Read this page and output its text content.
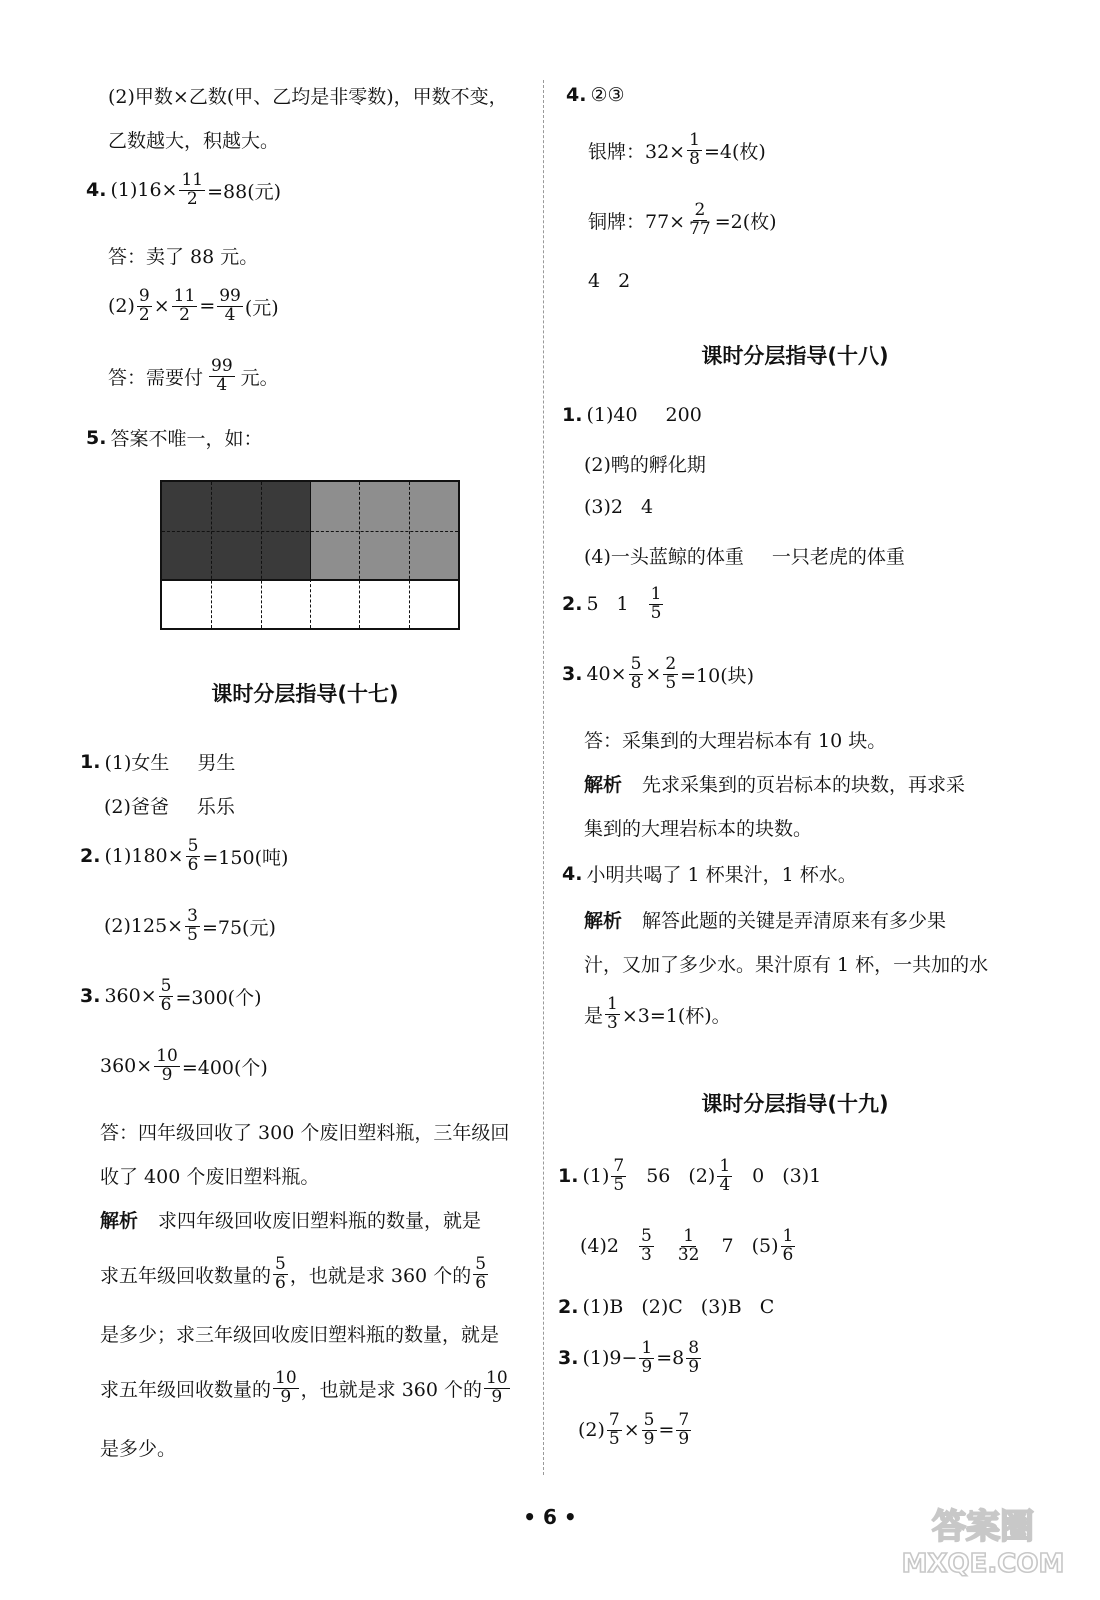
(2)甲数×乙数(甲、乙均是非零数)，甲数不变，
乙数越大，积越大。
4. $(1)16\times \frac{11}{2} =88$(元)
答：卖了 88 元。
$(2) \frac{9}{2} \times \frac{11}{2} = \frac{99}{4}$ (元)
答：需要付
99
4 元。
5. 答案不唯一，如：
课时分层指导(十七)
1. (1)女生 男生
(2)爸爸 乐乐
2. $(1)180\times \frac{5}{6} =150$(吨)
$(2)125\times \frac{3}{5} =75$(元)
3. $360\times \frac{5}{6} =300$(个)
$360\times \frac{10}{9} =400$(个)
答：四年级回收了 300 个废旧塑料瓶，三年级回
收了 400 个废旧塑料瓶。
解析 求四年级回收废旧塑料瓶的数量，就是
求五年级回收数量的
5
6 ，也就是求 360 个的
5
6
是多少；求三年级回收废旧塑料瓶的数量，就是
求五年级回收数量的
10
9 ，也就是求 360 个的
10
9
是多少。
4. ②③
银牌：$32\times \frac{1}{8} =4$(枚)
铜牌：$77\times \frac{2}{77} =2$(枚)
4 2
课时分层指导(十八)
1. (1)40 200
(2)鸭的孵化期
(3)2 4
(4)一头蓝鲸的体重 一只老虎的体重
2. 5 1 1
5
3. $40\times \frac{5}{8} \times \frac{2}{5} =10$(块)
答：采集到的大理岩标本有 10 块。
解析 先求采集到的页岩标本的块数，再求采
集到的大理岩标本的块数。
4. 小明共喝了 1 杯果汁，1 杯水。
解析 解答此题的关键是弄清原来有多少果
汁，又加了多少水。果汁原有 1 杯，一共加的水
是 $\frac{1}{3} \times 3=1$(杯)。
课时分层指导(十九)
1. (1) 7
5 56 (2) 1
4 0 (3)1
(4)2 5
3
1
32 7 (5) 1
6
2. (1)B (2)C (3)B C
3. $(1)9- \frac{1}{9} =8$ 8
9
$(2) \frac{7}{5} \times \frac{5}{9} = \frac{7}{9}$
• 6 •	答案圈
MXQE.COM
